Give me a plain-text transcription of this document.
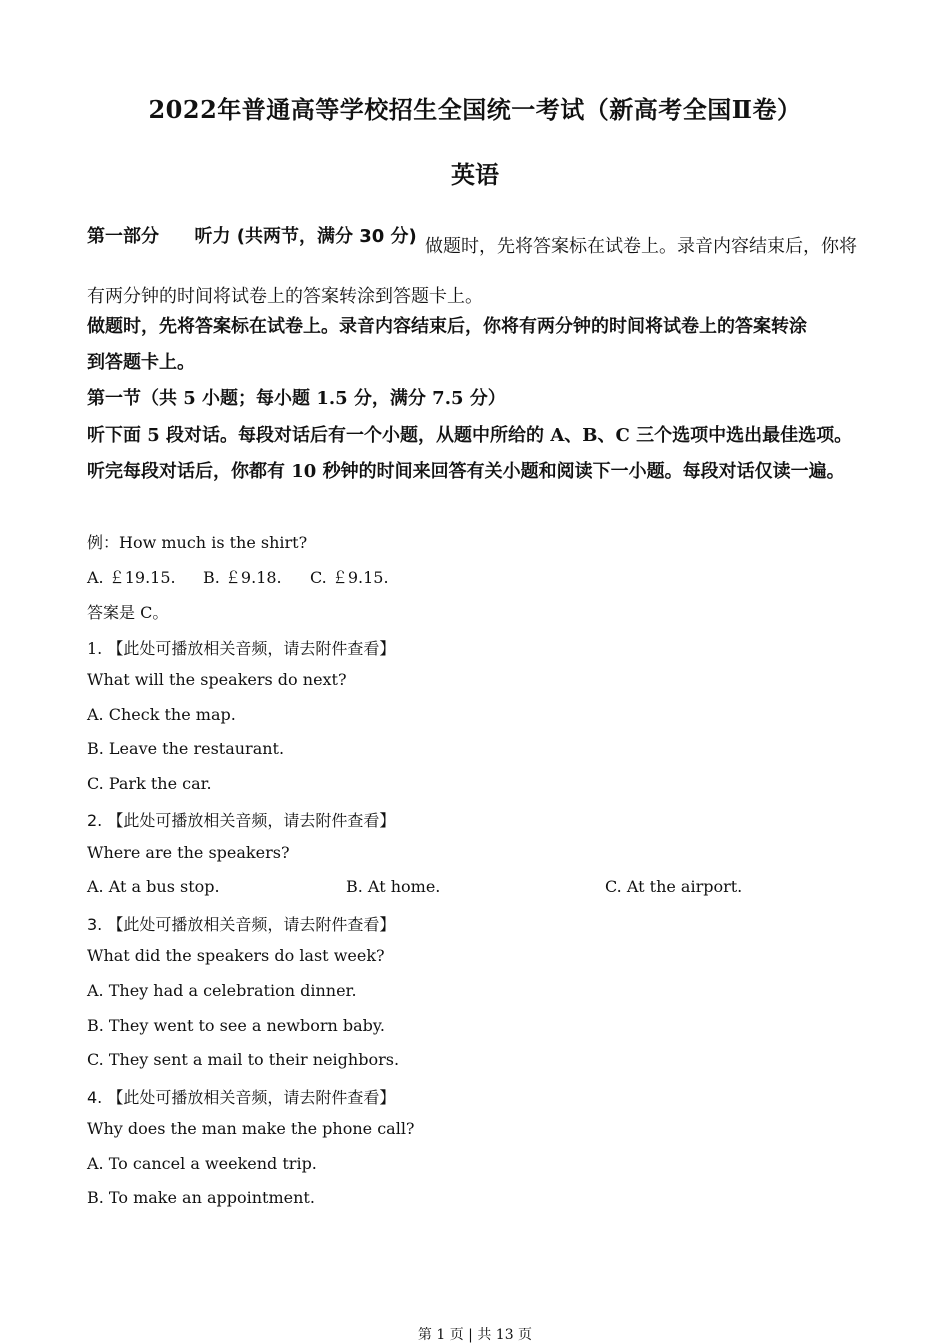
2022年普通高等学校招生全国统一考试（新高考全国Ⅱ卷）
英语
第一部分 听力 (共两节，满分 30 分) 做题时，先将答案标在试卷上。录音内容结束后，你将有两分钟的时间将试卷上的答案转涂到答题卡上。
做题时，先将答案标在试卷上。录音内容结束后，你将有两分钟的时间将试卷上的答案转涂
到答题卡上。
第一节（共 5 小题；每小题 1.5 分，满分 7.5 分）
听下面 5 段对话。每段对话后有一个小题，从题中所给的 A、B、C 三个选项中选出最佳选项。
听完每段对话后，你都有 10 秒钟的时间来回答有关小题和阅读下一小题。每段对话仅读一遍。
例：How much is the shirt?
A. ￡19.15. B. ￡9.18. C. ￡9.15.
答案是 C。
1. 【此处可播放相关音频，请去附件查看】
What will the speakers do next?
A. Check the map.
B. Leave the restaurant.
C. Park the car.
2. 【此处可播放相关音频，请去附件查看】
Where are the speakers?
A. At a bus stop.	B. At home.	C. At the airport.
3. 【此处可播放相关音频，请去附件查看】
What did the speakers do last week?
A. They had a celebration dinner.
B. They went to see a newborn baby.
C. They sent a mail to their neighbors.
4. 【此处可播放相关音频，请去附件查看】
Why does the man make the phone call?
A. To cancel a weekend trip.
B. To make an appointment.
第 1 页 | 共 13 页
